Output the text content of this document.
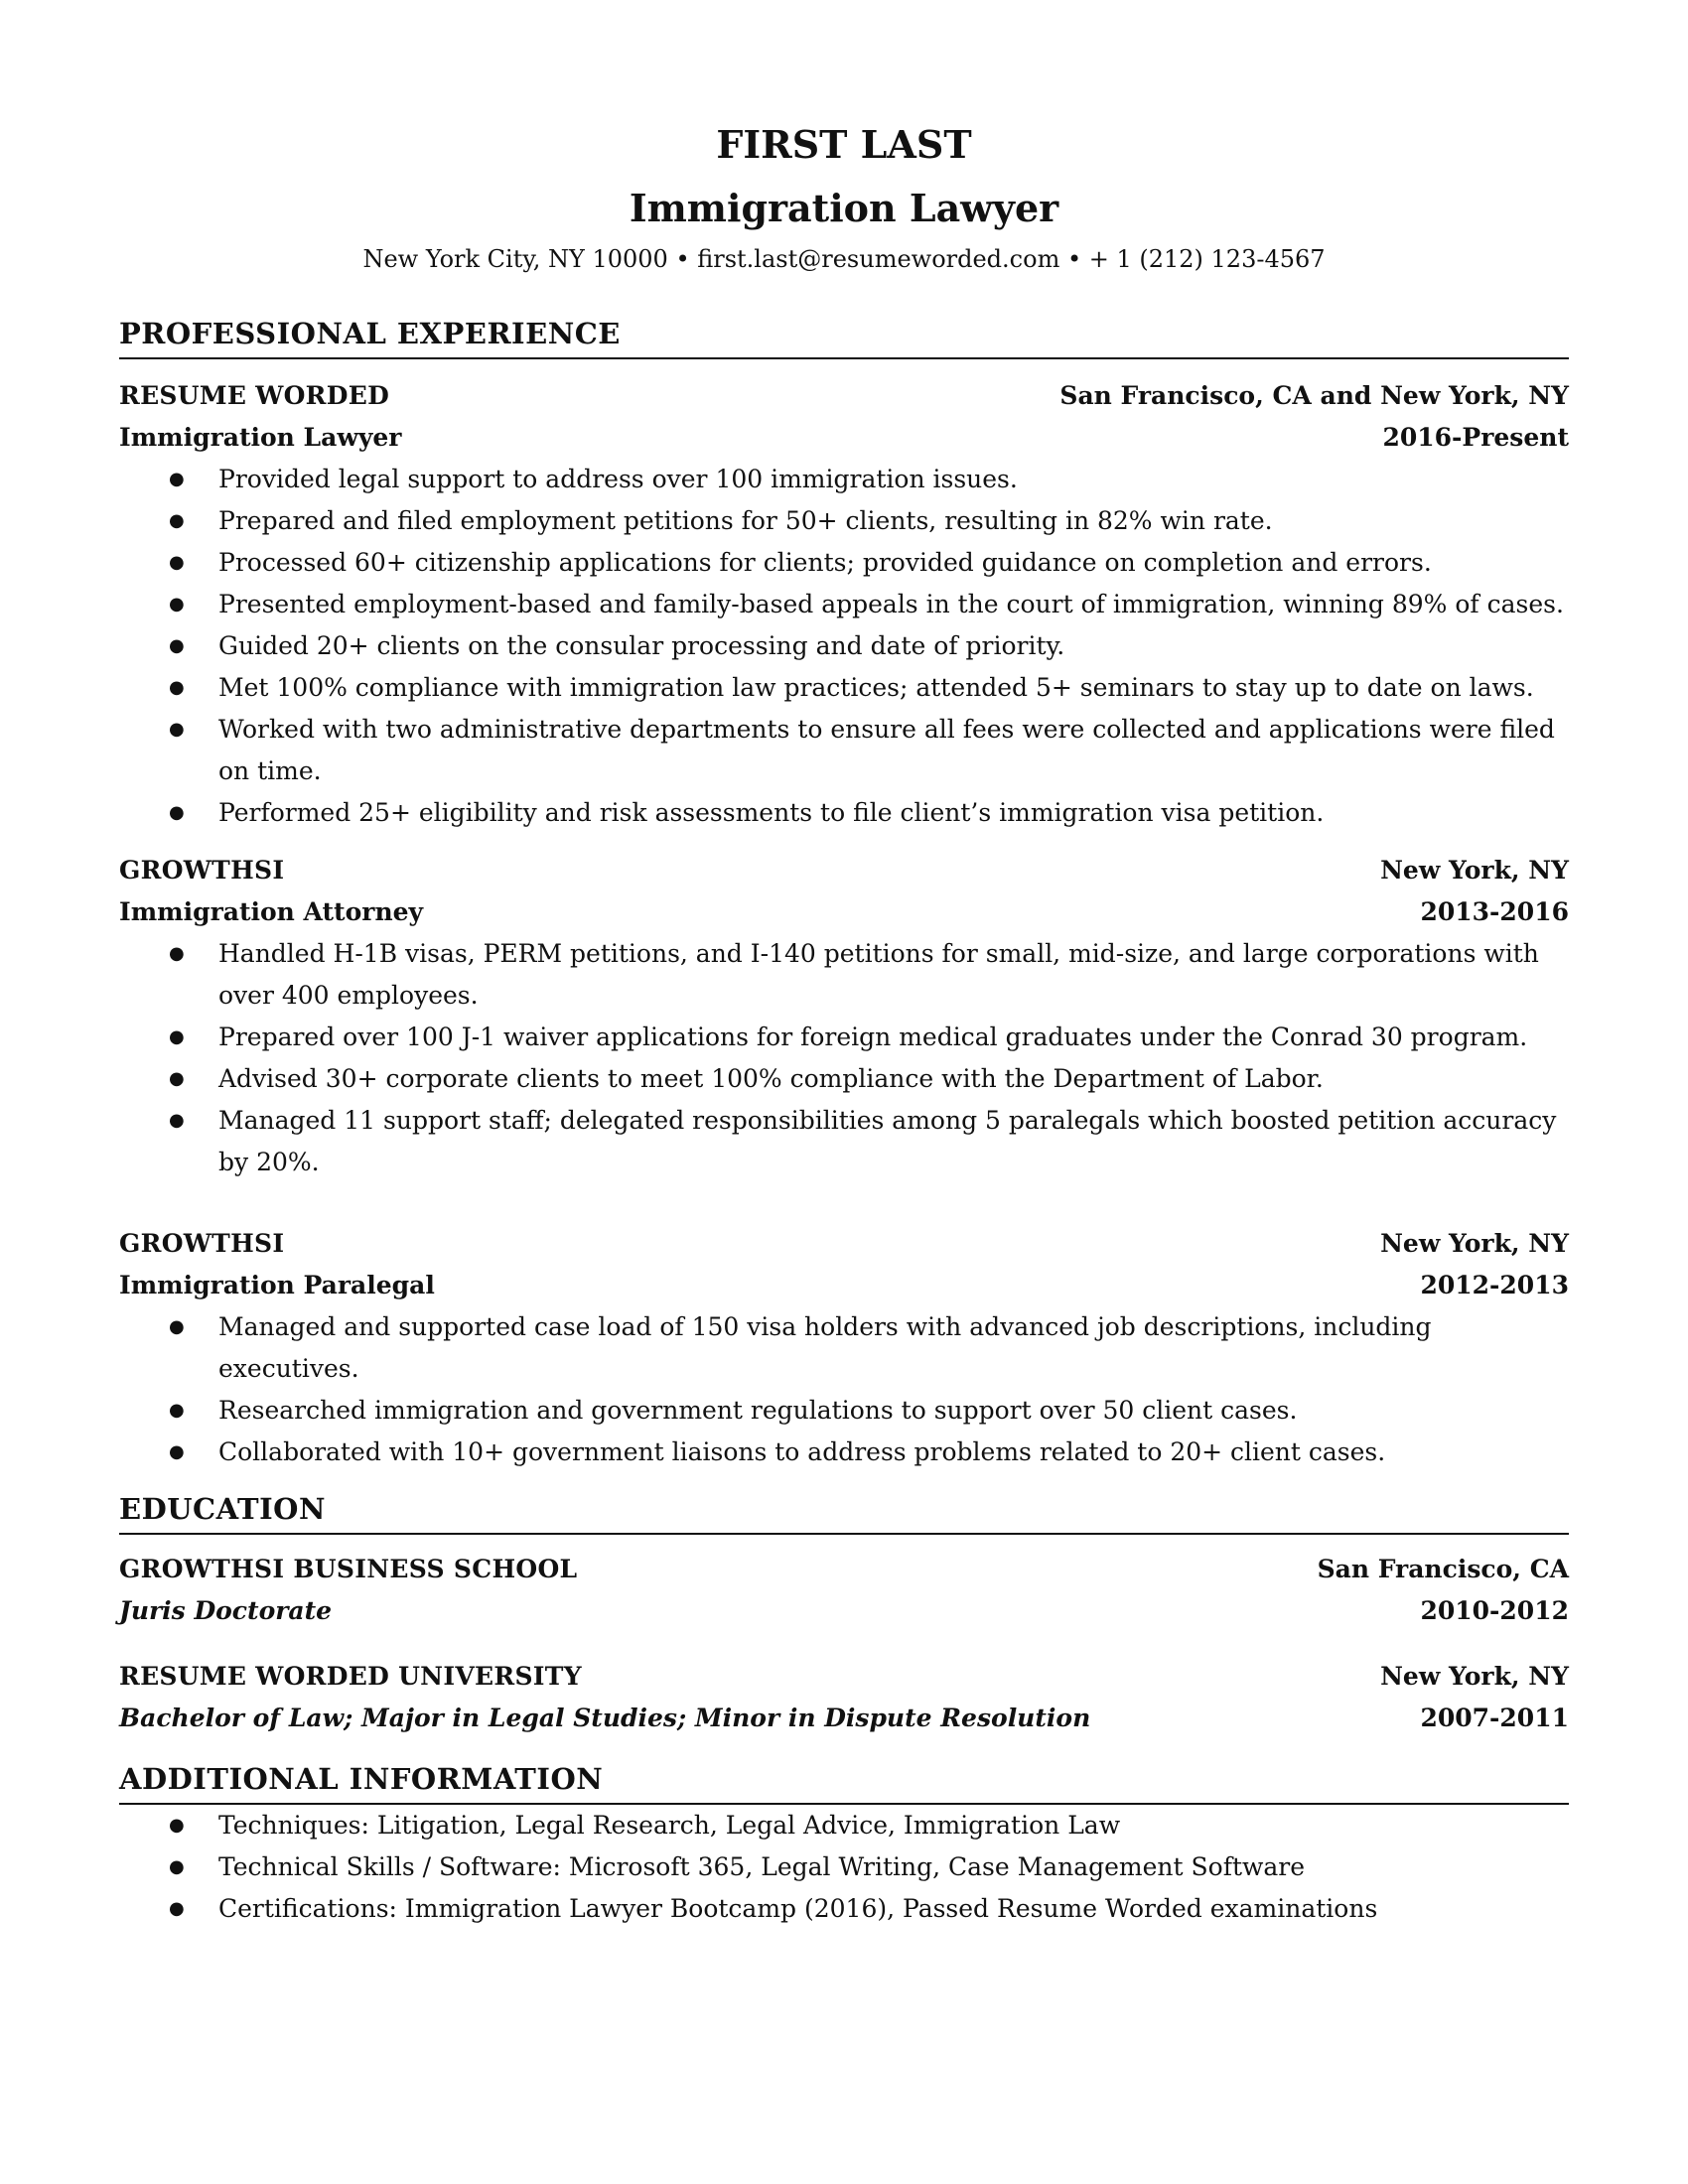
FIRST LAST
Immigration Lawyer
New York City, NY 10000 • first.last@resumeworded.com • + 1 (212) 123-4567
PROFESSIONAL EXPERIENCE
RESUME WORDED	San Francisco, CA and New York, NY
Immigration Lawyer	2016-Present
● Provided legal support to address over 100 immigration issues.
● Prepared and filed employment petitions for 50+ clients, resulting in 82% win rate.
● Processed 60+ citizenship applications for clients; provided guidance on completion and errors.
● Presented employment-based and family-based appeals in the court of immigration, winning 89% of cases.
● Guided 20+ clients on the consular processing and date of priority.
● Met 100% compliance with immigration law practices; attended 5+ seminars to stay up to date on laws.
● Worked with two administrative departments to ensure all fees were collected and applications were filed on time.
● Performed 25+ eligibility and risk assessments to file client’s immigration visa petition.
GROWTHSI	New York, NY
Immigration Attorney	2013-2016
● Handled H-1B visas, PERM petitions, and I-140 petitions for small, mid-size, and large corporations with over 400 employees.
● Prepared over 100 J-1 waiver applications for foreign medical graduates under the Conrad 30 program.
● Advised 30+ corporate clients to meet 100% compliance with the Department of Labor.
● Managed 11 support staff; delegated responsibilities among 5 paralegals which boosted petition accuracy by 20%.
GROWTHSI	New York, NY
Immigration Paralegal	2012-2013
● Managed and supported case load of 150 visa holders with advanced job descriptions, including executives.
● Researched immigration and government regulations to support over 50 client cases.
● Collaborated with 10+ government liaisons to address problems related to 20+ client cases.
EDUCATION
GROWTHSI BUSINESS SCHOOL	San Francisco, CA
Juris Doctorate	2010-2012
RESUME WORDED UNIVERSITY	New York, NY
Bachelor of Law; Major in Legal Studies; Minor in Dispute Resolution	2007-2011
ADDITIONAL INFORMATION
● Techniques: Litigation, Legal Research, Legal Advice, Immigration Law
● Technical Skills / Software: Microsoft 365, Legal Writing, Case Management Software
● Certifications: Immigration Lawyer Bootcamp (2016), Passed Resume Worded examinations
